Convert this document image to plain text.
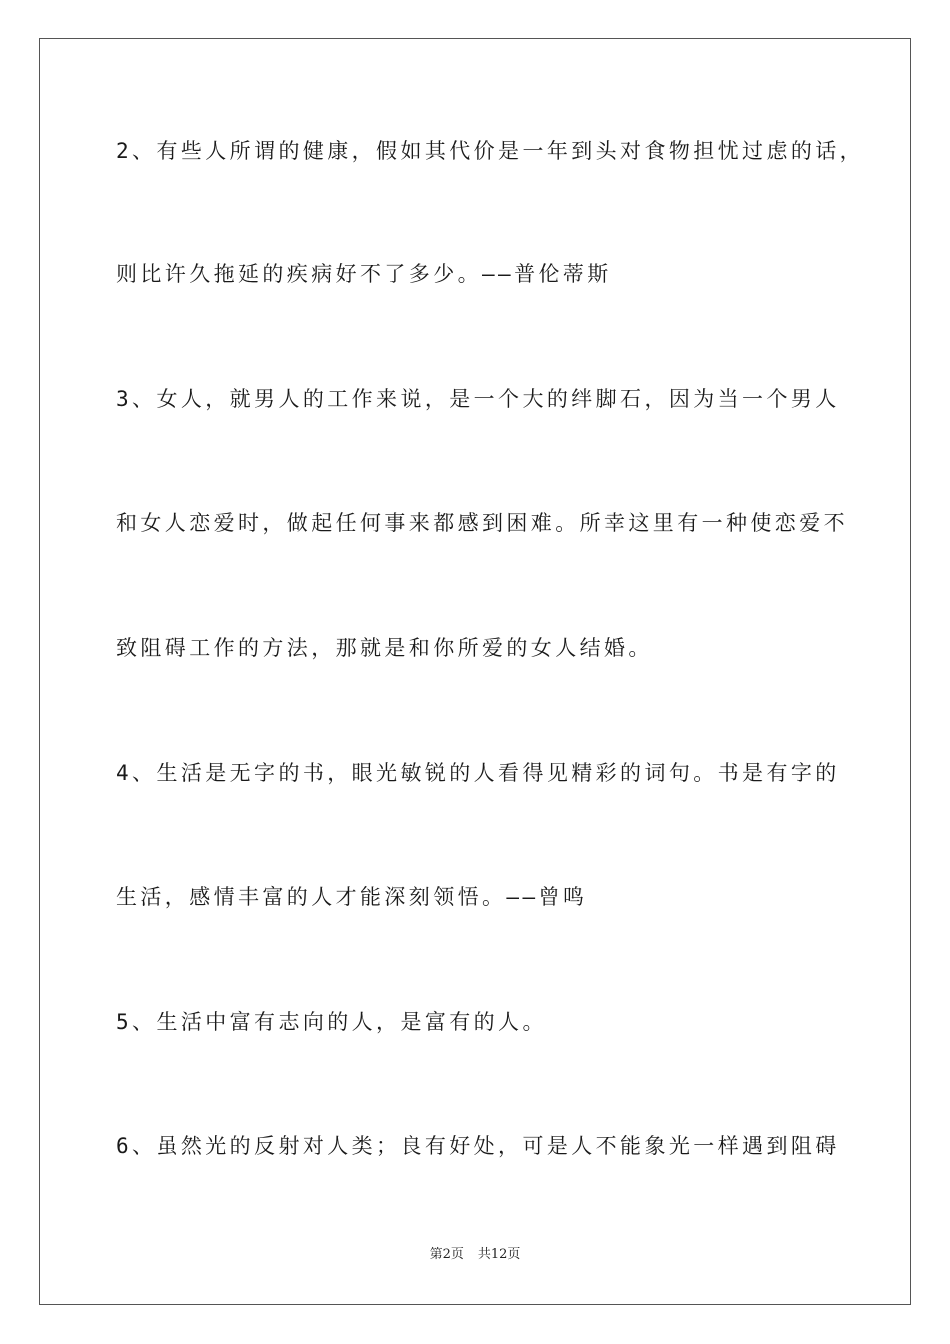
2、有些人所谓的健康，假如其代价是一年到头对食物担忧过虑的话，
则比许久拖延的疾病好不了多少。——普伦蒂斯
3、女人，就男人的工作来说，是一个大的绊脚石，因为当一个男人
和女人恋爱时，做起任何事来都感到困难。所幸这里有一种使恋爱不
致阻碍工作的方法，那就是和你所爱的女人结婚。
4、生活是无字的书，眼光敏锐的人看得见精彩的词句。书是有字的
生活，感情丰富的人才能深刻领悟。——曾鸣
5、生活中富有志向的人，是富有的人。
6、虽然光的反射对人类；良有好处，可是人不能象光一样遇到阻碍
第2页 共12页
